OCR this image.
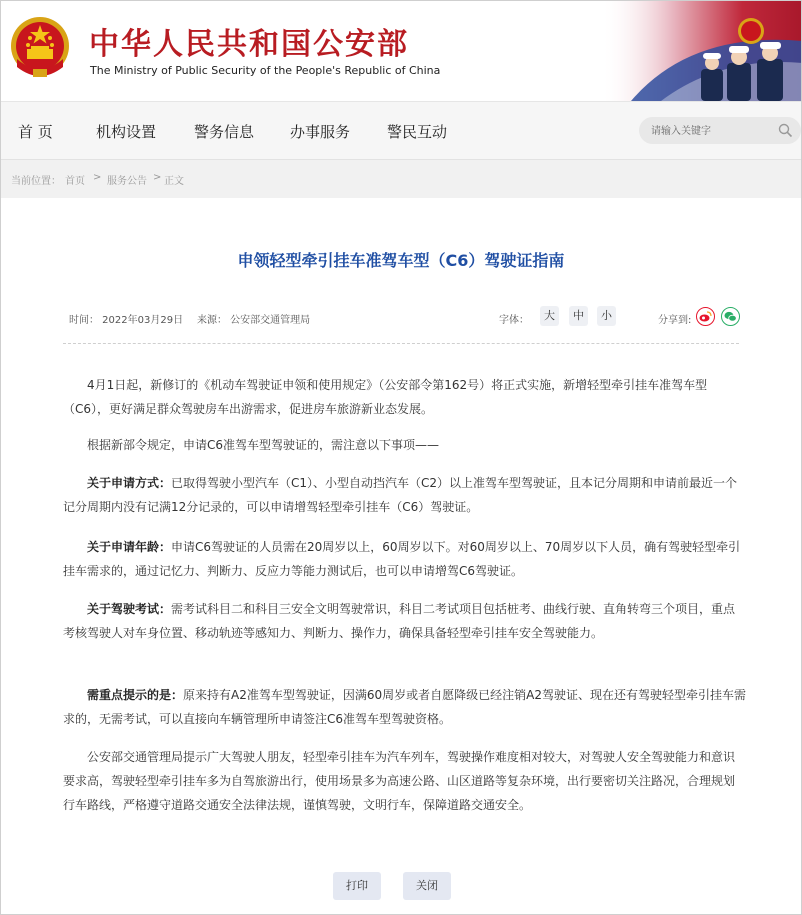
中华人民共和国公安部
The Ministry of Public Security of the People's Republic of China
首 页	机构设置	警务信息 办事服务 警民互动
请输入关键字
当前位置： 首页 > 服务公告 > 正文
申领轻型牵引挂车准驾车型（C6）驾驶证指南
时间： 2022年03月29日 来源： 公安部交通管理局	字体：	大	中	小	分享到:
4月1日起，新修订的《机动车驾驶证申领和使用规定》（公安部令第162号）将正式实施，新增轻型牵引挂车准驾车型（C6），更好满足群众驾驶房车出游需求，促进房车旅游新业态发展。
根据新部令规定，申请C6准驾车型驾驶证的，需注意以下事项——
关于申请方式：已取得驾驶小型汽车（C1）、小型自动挡汽车（C2）以上准驾车型驾驶证，且本记分周期和申请前最近一个记分周期内没有记满12分记录的，可以申请增驾轻型牵引挂车（C6）驾驶证。
关于申请年龄：申请C6驾驶证的人员需在20周岁以上，60周岁以下。对60周岁以上、70周岁以下人员，确有驾驶轻型牵引挂车需求的，通过记忆力、判断力、反应力等能力测试后，也可以申请增驾C6驾驶证。
关于驾驶考试：需考试科目二和科目三安全文明驾驶常识，科目二考试项目包括桩考、曲线行驶、直角转弯三个项目，重点考核驾驶人对车身位置、移动轨迹等感知力、判断力、操作力，确保具备轻型牵引挂车安全驾驶能力。
需重点提示的是：原来持有A2准驾车型驾驶证，因满60周岁或者自愿降级已经注销A2驾驶证、现在还有驾驶轻型牵引挂车需求的，无需考试，可以直接向车辆管理所申请签注C6准驾车型驾驶资格。
公安部交通管理局提示广大驾驶人朋友，轻型牵引挂车为汽车列车，驾驶操作难度相对较大，对驾驶人安全驾驶能力和意识要求高，驾驶轻型牵引挂车多为自驾旅游出行，使用场景多为高速公路、山区道路等复杂环境，出行要密切关注路况，合理规划行车路线，严格遵守道路交通安全法律法规，谨慎驾驶，文明行车，保障道路交通安全。
打印	关闭
